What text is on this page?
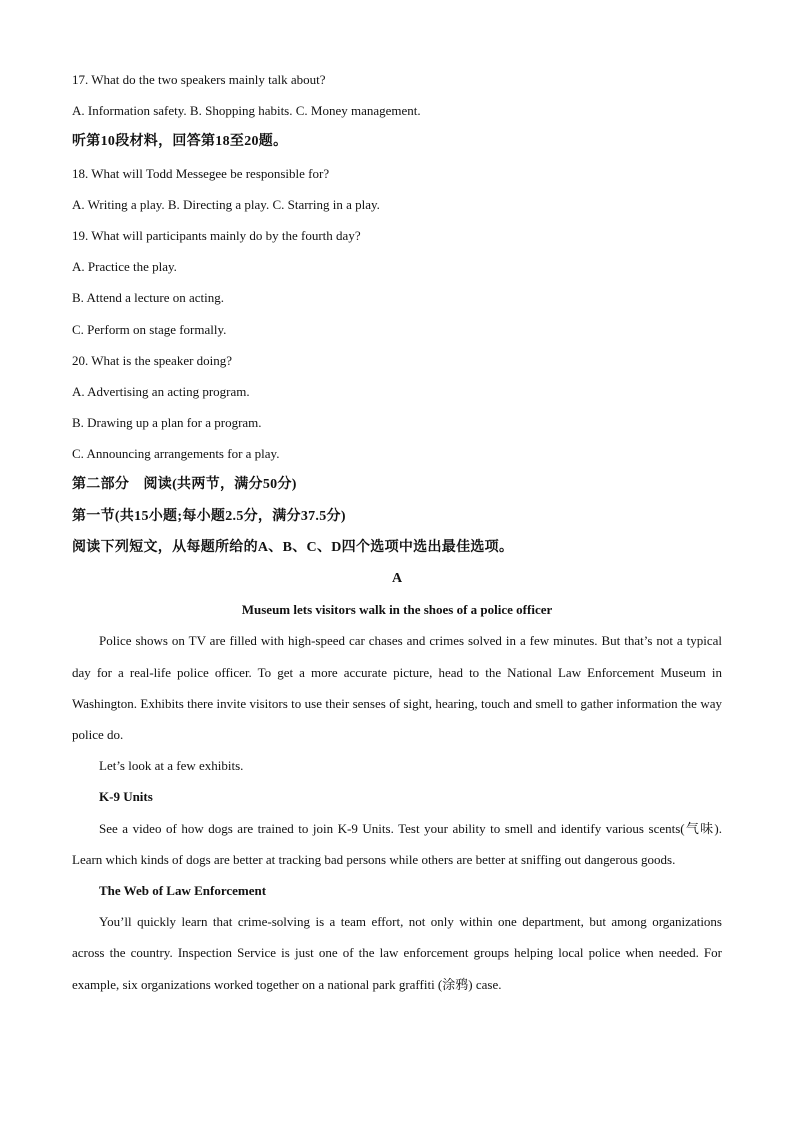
17. What do the two speakers mainly talk about?
A. Information safety. B. Shopping habits. C. Money management.
听第10段材料，回答第18至20题。
18. What will Todd Messegee be responsible for?
A. Writing a play. B. Directing a play. C. Starring in a play.
19. What will participants mainly do by the fourth day?
A. Practice the play.
B. Attend a lecture on acting.
C. Perform on stage formally.
20. What is the speaker doing?
A. Advertising an acting program.
B. Drawing up a plan for a program.
C. Announcing arrangements for a play.
第二部分　阅读(共两节，满分50分)
第一节(共15小题;每小题2.5分，满分37.5分)
阅读下列短文，从每题所给的A、B、C、D四个选项中选出最佳选项。
A
Museum lets visitors walk in the shoes of a police officer

Police shows on TV are filled with high-speed car chases and crimes solved in a few minutes. But that’s not a typical day for a real-life police officer. To get a more accurate picture, head to the National Law Enforcement Museum in Washington. Exhibits there invite visitors to use their senses of sight, hearing, touch and smell to gather information the way police do.

Let’s look at a few exhibits.

K-9 Units

See a video of how dogs are trained to join K-9 Units. Test your ability to smell and identify various scents(气味). Learn which kinds of dogs are better at tracking bad persons while others are better at sniffing out dangerous goods.

The Web of Law Enforcement

You’ll quickly learn that crime-solving is a team effort, not only within one department, but among organizations across the country. Inspection Service is just one of the law enforcement groups helping local police when needed. For example, six organizations worked together on a national park graffiti (涂鸦) case.
